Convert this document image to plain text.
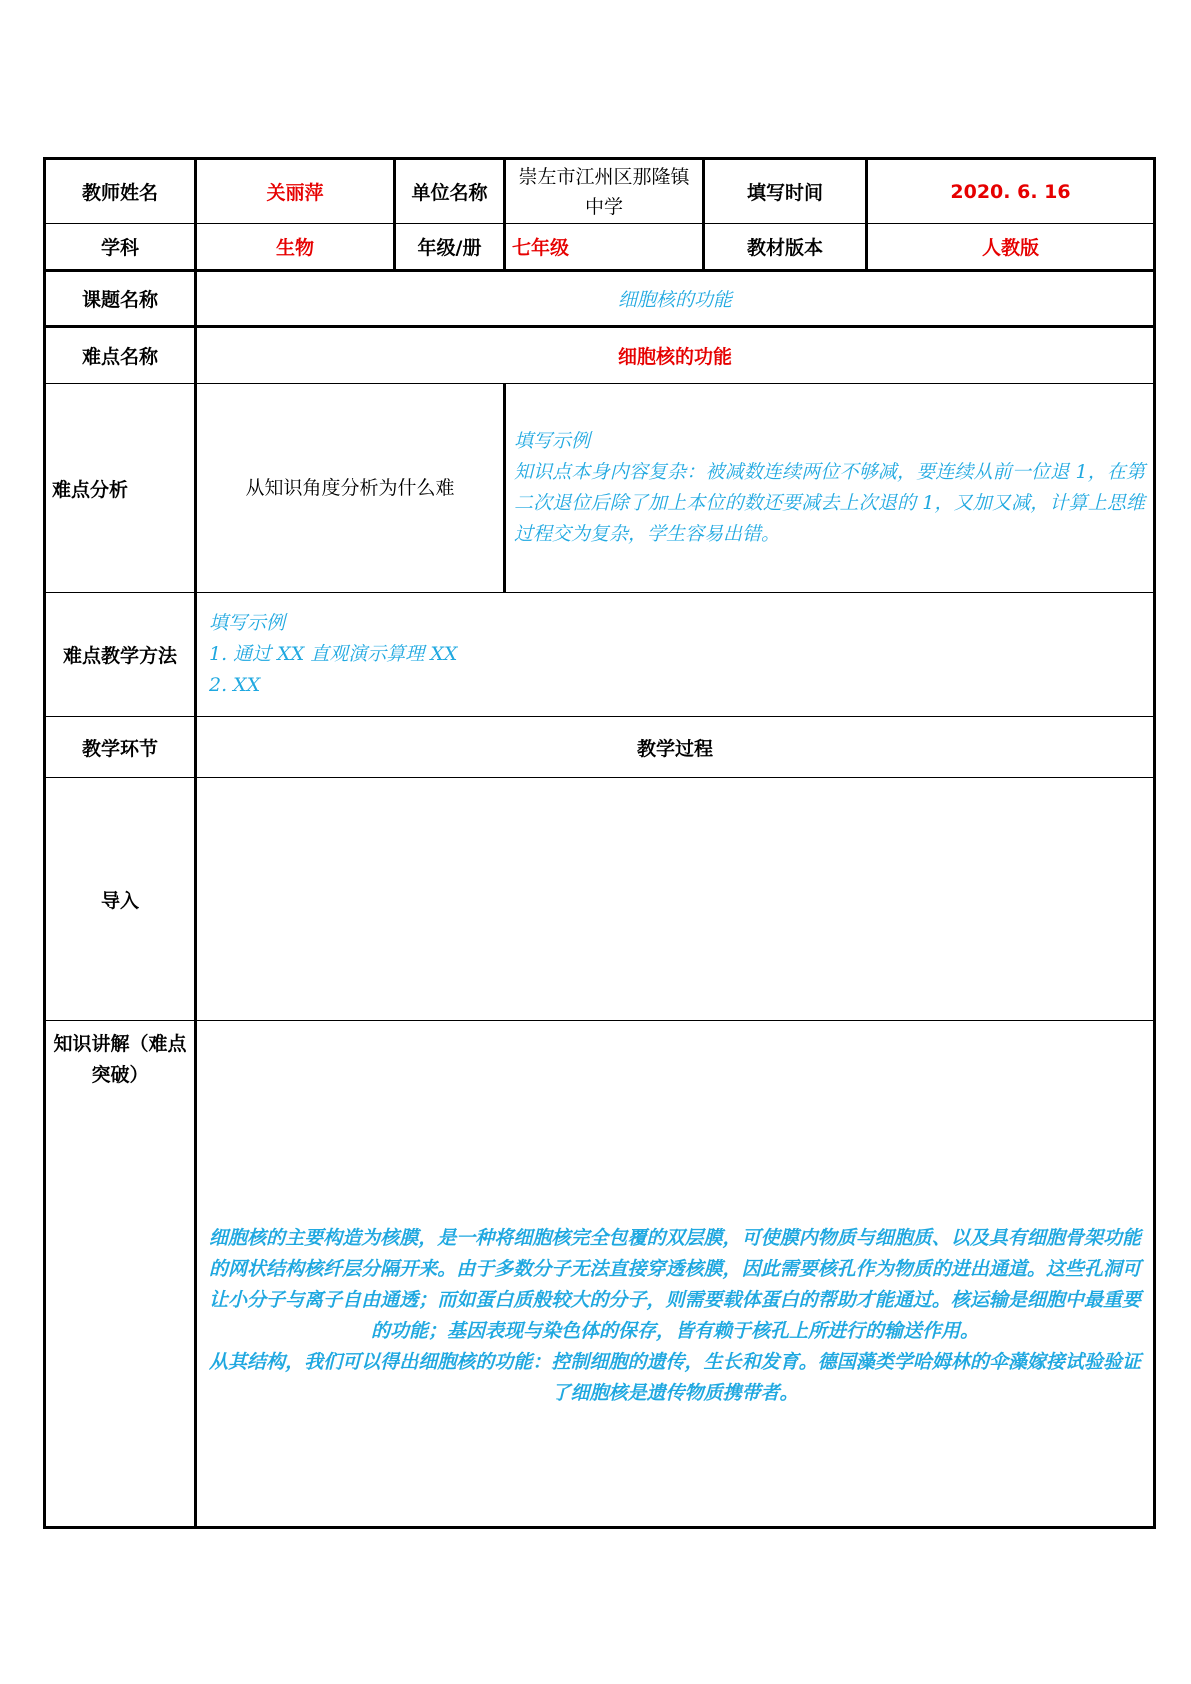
教师姓名	关丽萍	单位名称	崇左市江州区那隆镇中学	填写时间	2020. 6. 16
学科	生物	年级/册	七年级	教材版本	人教版
课题名称	细胞核的功能				
难点名称	细胞核的功能				
难点分析	从知识角度分析为什么难		填写示例
知识点本身内容复杂：被减数连续两位不够减，要连续从前一位退 1，在第二次退位后除了加上本位的数还要减去上次退的 1，又加又减，计算上思维过程交为复杂，学生容易出错。		

难点教学方法	填写示例
1. 通过 XX 直观演示算理 XX
2. XX				

教学环节	教学过程				
导入					
知识讲解（难点突破）	细胞核的主要构造为核膜，是一种将细胞核完全包覆的双层膜，可使膜内物质与细胞质、以及具有细胞骨架功能的网状结构核纤层分隔开来。由于多数分子无法直接穿透核膜，因此需要核孔作为物质的进出通道。这些孔洞可让小分子与离子自由通透；而如蛋白质般较大的分子，则需要载体蛋白的帮助才能通过。核运输是细胞中最重要的功能；基因表现与染色体的保存，皆有赖于核孔上所进行的输送作用。
从其结构，我们可以得出细胞核的功能：控制细胞的遗传，生长和发育。德国藻类学哈姆林的伞藻嫁接试验验证了细胞核是遗传物质携带者。				
